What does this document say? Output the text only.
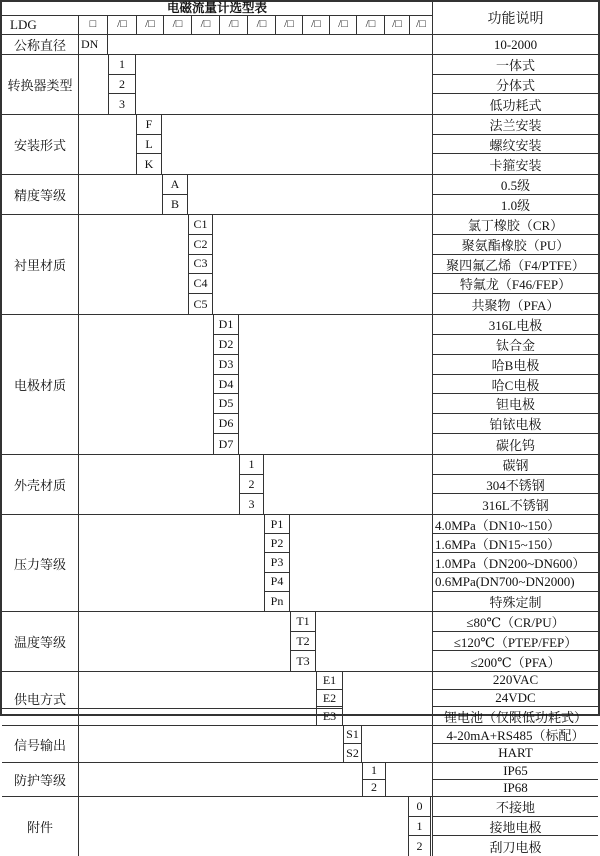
电磁流量计选型表
LDG	□	/□	/□	/□	/□	/□	/□	/□	/□	/□	/□	/□	/□	功能说明
公称直径	DN	10-2000
转换器类型
1	一体式
2	分体式
3	低功耗式
安装形式
F	法兰安装
L	螺纹安装
K	卡箍安装
精度等级
A	0.5级
B	1.0级
衬里材质
C1	氯丁橡胶（CR）
C2	聚氨酯橡胶（PU）
C3	聚四氟乙烯（F4/PTFE）
C4	特氟龙（F46/FEP）
C5	共聚物（PFA）
电极材质
D1	316L电极
D2	钛合金
D3	哈B电极
D4	哈C电极
D5	钽电极
D6	铂铱电极
D7	碳化钨
外壳材质
1	碳钢
2	304不锈钢
3	316L不锈钢
压力等级
P1	4.0MPa（DN10~150）
P2	1.6MPa（DN15~150）
P3	1.0MPa（DN200~DN600）
P4	0.6MPa(DN700~DN2000)
Pn	特殊定制
温度等级
T1	≤80℃（CR/PU）
T2	≤120℃（PTEP/FEP）
T3	≤200℃（PFA）
供电方式
E1	220VAC
E2	24VDC
E3	锂电池（仅限低功耗式）
信号输出
S1	4-20mA+RS485（标配）
S2	HART
防护等级
1	IP65
2	IP68
附件
0	不接地
1	接地电极
2	刮刀电极
